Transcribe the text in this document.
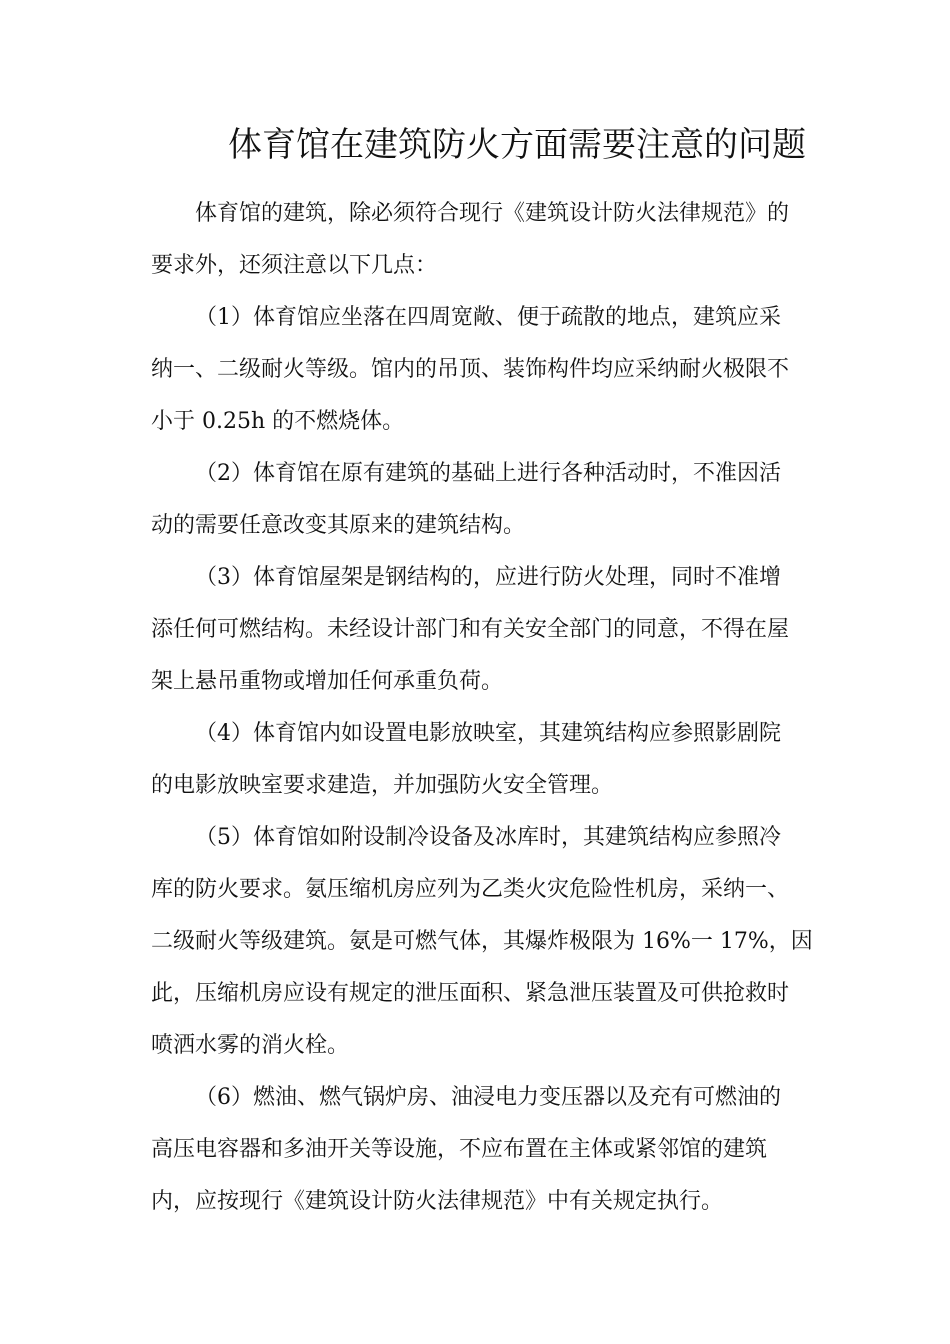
体育馆在建筑防火方面需要注意的问题

体育馆的建筑，除必须符合现行《建筑设计防火法律规范》的

要求外，还须注意以下几点：

（1）体育馆应坐落在四周宽敞、便于疏散的地点，建筑应采

纳一、二级耐火等级。馆内的吊顶、装饰构件均应采纳耐火极限不

小于 0.25h 的不燃烧体。

（2）体育馆在原有建筑的基础上进行各种活动时，不准因活

动的需要任意改变其原来的建筑结构。

（3）体育馆屋架是钢结构的，应进行防火处理，同时不准增

添任何可燃结构。未经设计部门和有关安全部门的同意，不得在屋

架上悬吊重物或增加任何承重负荷。

（4）体育馆内如设置电影放映室，其建筑结构应参照影剧院

的电影放映室要求建造，并加强防火安全管理。

（5）体育馆如附设制冷设备及冰库时，其建筑结构应参照冷

库的防火要求。氨压缩机房应列为乙类火灾危险性机房，采纳一、

二级耐火等级建筑。氨是可燃气体，其爆炸极限为 16%一 17%，因

此，压缩机房应设有规定的泄压面积、紧急泄压装置及可供抢救时

喷洒水雾的消火栓。

（6）燃油、燃气锅炉房、油浸电力变压器以及充有可燃油的

高压电容器和多油开关等设施，不应布置在主体或紧邻馆的建筑

内，应按现行《建筑设计防火法律规范》中有关规定执行。
